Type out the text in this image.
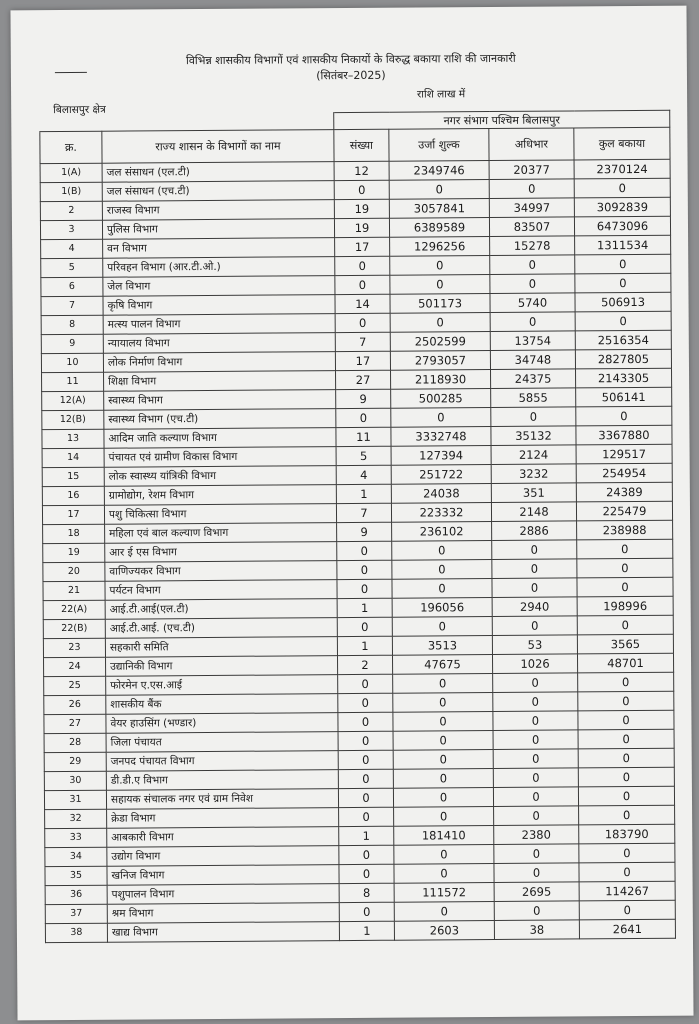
विभिन्न शासकीय विभागों एवं शासकीय निकायों के विरुद्ध बकाया राशि की जानकारी
(सितंबर–2025)
राशि लाख में
बिलासपुर क्षेत्र
		नगर संभाग पश्चिम बिलासपुर			
क्र.	राज्य शासन के विभागों का नाम	संख्या	उर्जा शुल्क	अधिभार	कुल बकाया
1(A)	जल संसाधन (एल.टी)	12	2349746	20377	2370124
1(B)	जल संसाधन (एच.टी)	0	0	0	0
2	राजस्व विभाग	19	3057841	34997	3092839
3	पुलिस विभाग	19	6389589	83507	6473096
4	वन विभाग	17	1296256	15278	1311534
5	परिवहन विभाग (आर.टी.ओ.)	0	0	0	0
6	जेल विभाग	0	0	0	0
7	कृषि विभाग	14	501173	5740	506913
8	मत्स्य पालन विभाग	0	0	0	0
9	न्यायालय विभाग	7	2502599	13754	2516354
10	लोक निर्माण विभाग	17	2793057	34748	2827805
11	शिक्षा विभाग	27	2118930	24375	2143305
12(A)	स्वास्थ्य विभाग	9	500285	5855	506141
12(B)	स्वास्थ्य विभाग (एच.टी)	0	0	0	0
13	आदिम जाति कल्याण विभाग	11	3332748	35132	3367880
14	पंचायत एवं ग्रामीण विकास विभाग	5	127394	2124	129517
15	लोक स्वास्थ्य यांत्रिकी विभाग	4	251722	3232	254954
16	ग्रामोद्योग, रेशम विभाग	1	24038	351	24389
17	पशु चिकित्सा विभाग	7	223332	2148	225479
18	महिला एवं बाल कल्याण विभाग	9	236102	2886	238988
19	आर ई एस विभाग	0	0	0	0
20	वाणिज्यकर विभाग	0	0	0	0
21	पर्यटन विभाग	0	0	0	0
22(A)	आई.टी.आई(एल.टी)	1	196056	2940	198996
22(B)	आई.टी.आई. (एच.टी)	0	0	0	0
23	सहकारी समिति	1	3513	53	3565
24	उद्यानिकी विभाग	2	47675	1026	48701
25	फोरमेन ए.एस.आई	0	0	0	0
26	शासकीय बैंक	0	0	0	0
27	वेयर हाउसिंग (भण्डार)	0	0	0	0
28	जिला पंचायत	0	0	0	0
29	जनपद पंचायत विभाग	0	0	0	0
30	डी.डी.ए विभाग	0	0	0	0
31	सहायक संचालक नगर एवं ग्राम निवेश	0	0	0	0
32	क्रेडा विभाग	0	0	0	0
33	आबकारी विभाग	1	181410	2380	183790
34	उद्योग विभाग	0	0	0	0
35	खनिज विभाग	0	0	0	0
36	पशुपालन विभाग	8	111572	2695	114267
37	श्रम विभाग	0	0	0	0
38	खाद्य विभाग	1	2603	38	2641
